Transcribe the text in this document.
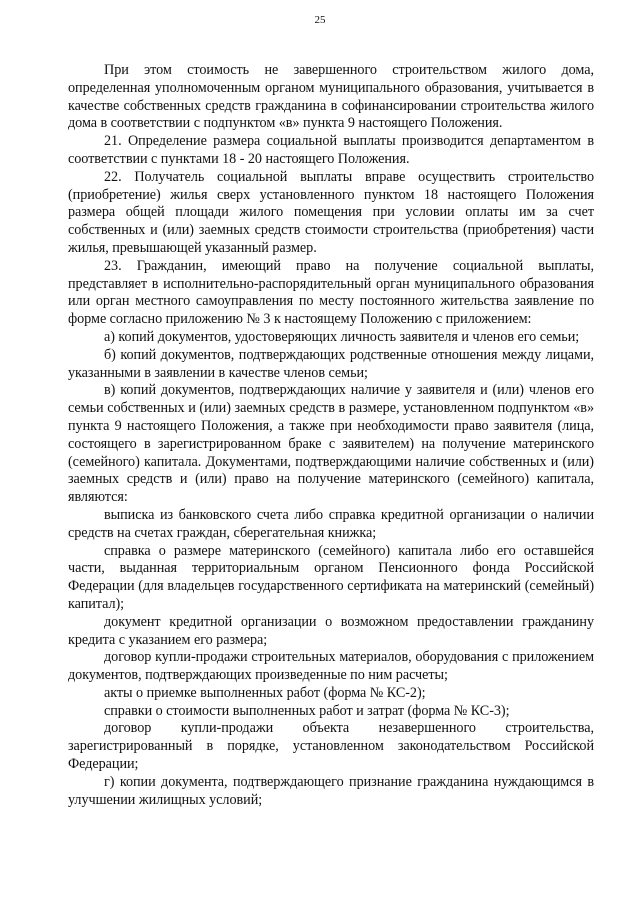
25

При этом стоимость не завершенного строительством жилого дома, определенная уполномоченным органом муниципального образования, учитывается в качестве собственных средств гражданина в софинансировании строительства жилого дома в соответствии с подпунктом «в» пункта 9 настоящего Положения.

21. Определение размера социальной выплаты производится департаментом в соответствии с пунктами 18 - 20 настоящего Положения.

22. Получатель социальной выплаты вправе осуществить строительство (приобретение) жилья сверх установленного пунктом 18 настоящего Положения размера общей площади жилого помещения при условии оплаты им за счет собственных и (или) заемных средств стоимости строительства (приобретения) части жилья, превышающей указанный размер.

23. Гражданин, имеющий право на получение социальной выплаты, представляет в исполнительно-распорядительный орган муниципального образования или орган местного самоуправления по месту постоянного жительства заявление по форме согласно приложению № 3 к настоящему Положению с приложением:

а) копий документов, удостоверяющих личность заявителя и членов его семьи;

б) копий документов, подтверждающих родственные отношения между лицами, указанными в заявлении в качестве членов семьи;

в) копий документов, подтверждающих наличие у заявителя и (или) членов его семьи собственных и (или) заемных средств в размере, установленном подпунктом «в» пункта 9 настоящего Положения, а также при необходимости право заявителя (лица, состоящего в зарегистрированном браке с заявителем) на получение материнского (семейного) капитала. Документами, подтверждающими наличие собственных и (или) заемных средств и (или) право на получение материнского (семейного) капитала, являются:

выписка из банковского счета либо справка кредитной организации о наличии средств на счетах граждан, сберегательная книжка;

справка о размере материнского (семейного) капитала либо его оставшейся части, выданная территориальным органом Пенсионного фонда Российской Федерации (для владельцев государственного сертификата на материнский (семейный) капитал);

документ кредитной организации о возможном предоставлении гражданину кредита с указанием его размера;

договор купли-продажи строительных материалов, оборудования с приложением документов, подтверждающих произведенные по ним расчеты;

акты о приемке выполненных работ (форма № КС-2);

справки о стоимости выполненных работ и затрат (форма № КС-3);

договор купли-продажи объекта незавершенного строительства, зарегистрированный в порядке, установленном законодательством Российской Федерации;

г) копии документа, подтверждающего признание гражданина нуждающимся в улучшении жилищных условий;
